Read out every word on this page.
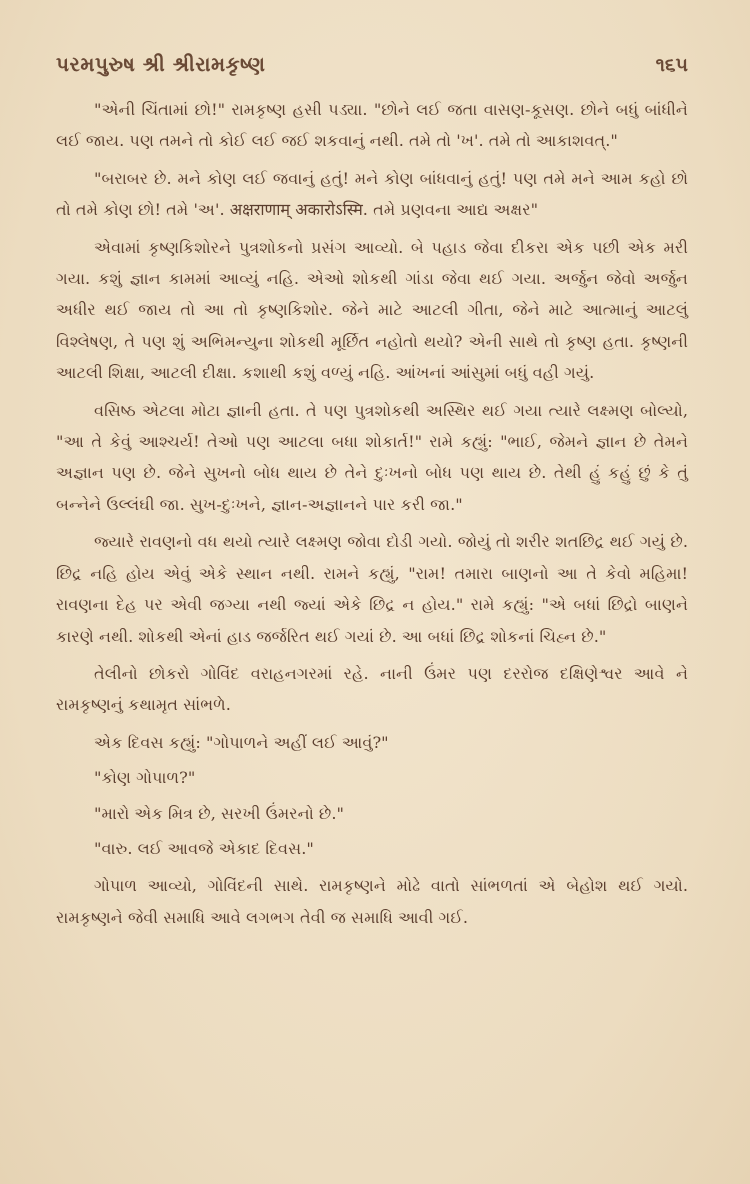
પરમપુરુષ શ્રી શ્રીરામકૃષ્ણ	૧૬૫

"એની ચિંતામાં છો!" રામકૃષ્ણ હસી પડ્યા. "છોને લઈ જતા વાસણ-કૂસણ. છોને બધું બાંધીને લઈ જાય. પણ તમને તો કોઈ લઈ જઈ શકવાનું નથી. તમે તો 'ખ'. તમે તો આકાશવત્."

"બરાબર છે. મને કોણ લઈ જવાનું હતું! મને કોણ બાંધવાનું હતું! પણ તમે મને આમ કહો છો તો તમે કોણ છો! તમે 'અ'. अक्षराणाम् अकारोऽस्मि. તમે પ્રણવના આદ્ય અક્ષર"

એવામાં કૃષ્ણકિશોરને પુત્રશોકનો પ્રસંગ આવ્યો. બે પહાડ જેવા દીકરા એક પછી એક મરી ગયા. કશું જ્ઞાન કામમાં આવ્યું નહિ. એઓ શોકથી ગાંડા જેવા થઈ ગયા. અર્જુન જેવો અર્જુન અધીર થઈ જાય તો આ તો કૃષ્ણકિશોર. જેને માટે આટલી ગીતા, જેને માટે આત્માનું આટલું વિશ્લેષણ, તે પણ શું અભિમન્યુના શોકથી મૂર્છિત નહોતો થયો? એની સાથે તો કૃષ્ણ હતા. કૃષ્ણની આટલી શિક્ષા, આટલી દીક્ષા. કશાથી કશું વળ્યું નહિ. આંખનાં આંસુમાં બધું વહી ગયું.

વસિષ્ઠ એટલા મોટા જ્ઞાની હતા. તે પણ પુત્રશોકથી અસ્થિર થઈ ગયા ત્યારે લક્ષ્મણ બોલ્યો, "આ તે કેવું આશ્ચર્ય! તેઓ પણ આટલા બધા શોકાર્ત!" રામે કહ્યું: "ભાઈ, જેમને જ્ઞાન છે તેમને અજ્ઞાન પણ છે. જેને સુખનો બોધ થાય છે તેને દુઃખનો બોધ પણ થાય છે. તેથી હું કહું છું કે તું બન્નેને ઉલ્લંઘી જા. સુખ-દુઃખને, જ્ઞાન-અજ્ઞાનને પાર કરી જા."

જ્યારે રાવણનો વધ થયો ત્યારે લક્ષ્મણ જોવા દોડી ગયો. જોયું તો શરીર શતછિદ્ર થઈ ગયું છે. છિદ્ર નહિ હોય એવું એકે સ્થાન નથી. રામને કહ્યું, "રામ! તમારા બાણનો આ તે કેવો મહિમા! રાવણના દેહ પર એવી જગ્યા નથી જ્યાં એકે છિદ્ર ન હોય." રામે કહ્યું: "એ બધાં છિદ્રો બાણને કારણે નથી. શોકથી એનાં હાડ જર્જરિત થઈ ગયાં છે. આ બધાં છિદ્ર શોકનાં ચિહ્ન છે."

તેલીનો છોકરો ગોવિંદ વરાહનગરમાં રહે. નાની ઉંમર પણ દરરોજ દક્ષિણેશ્વર આવે ને રામકૃષ્ણનું કથામૃત સાંભળે.

એક દિવસ કહ્યું: "ગોપાળને અહીં લઈ આવું?"

"કોણ ગોપાળ?"

"મારો એક મિત્ર છે, સરખી ઉંમરનો છે."

"વારુ. લઈ આવજે એકાદ દિવસ."

ગોપાળ આવ્યો, ગોવિંદની સાથે. રામકૃષ્ણને મોઢે વાતો સાંભળતાં એ બેહોશ થઈ ગયો. રામકૃષ્ણને જેવી સમાધિ આવે લગભગ તેવી જ સમાધિ આવી ગઈ.
